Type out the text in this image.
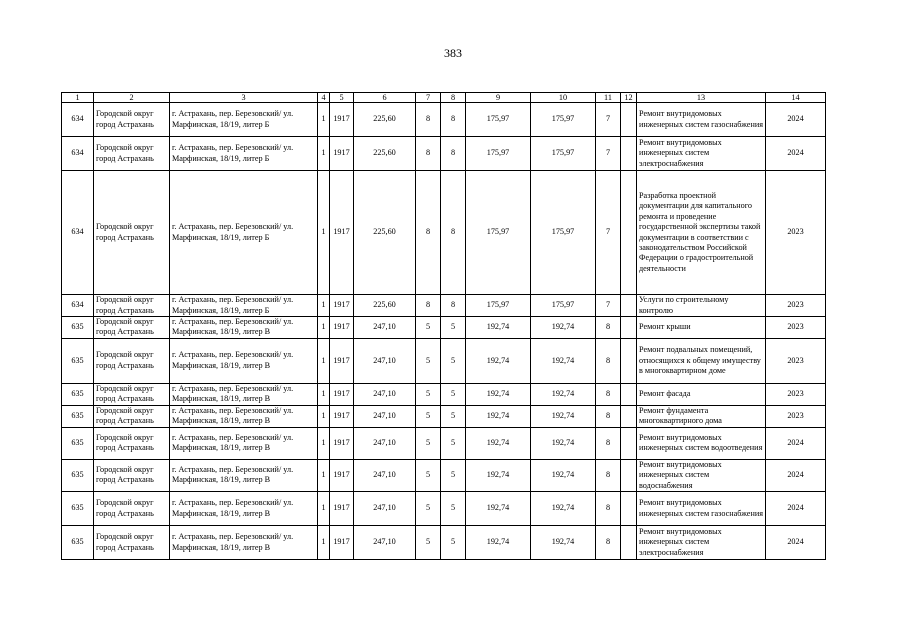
383
1	2	3	4	5	6	7	8	9	10	11	12	13	14
634	Городской округ город Астрахань	г. Астрахань, пер. Березовский/ ул. Марфинская, 18/19, литер Б	1	1917	225,60	8	8	175,97	175,97	7		Ремонт внутридомовых инженерных систем газоснабжения	2024
634	Городской округ город Астрахань	г. Астрахань, пер. Березовский/ ул. Марфинская, 18/19, литер Б	1	1917	225,60	8	8	175,97	175,97	7		Ремонт внутридомовых инженерных систем электроснабжения	2024
634	Городской округ город Астрахань	г. Астрахань, пер. Березовский/ ул. Марфинская, 18/19, литер Б	1	1917	225,60	8	8	175,97	175,97	7		Разработка проектной документации для капитального ремонта и проведение государственной экспертизы такой документации в соответствии с законодательством Российской Федерации о градостроительной деятельности	2023
634	Городской округ город Астрахань	г. Астрахань, пер. Березовский/ ул. Марфинская, 18/19, литер Б	1	1917	225,60	8	8	175,97	175,97	7		Услуги по строительному контролю	2023
635	Городской округ город Астрахань	г. Астрахань, пер. Березовский/ ул. Марфинская, 18/19, литер В	1	1917	247,10	5	5	192,74	192,74	8		Ремонт крыши	2023
635	Городской округ город Астрахань	г. Астрахань, пер. Березовский/ ул. Марфинская, 18/19, литер В	1	1917	247,10	5	5	192,74	192,74	8		Ремонт подвальных помещений, относящихся к общему имуществу в многоквартирном доме	2023
635	Городской округ город Астрахань	г. Астрахань, пер. Березовский/ ул. Марфинская, 18/19, литер В	1	1917	247,10	5	5	192,74	192,74	8		Ремонт фасада	2023
635	Городской округ город Астрахань	г. Астрахань, пер. Березовский/ ул. Марфинская, 18/19, литер В	1	1917	247,10	5	5	192,74	192,74	8		Ремонт фундамента многоквартирного дома	2023
635	Городской округ город Астрахань	г. Астрахань, пер. Березовский/ ул. Марфинская, 18/19, литер В	1	1917	247,10	5	5	192,74	192,74	8		Ремонт внутридомовых инженерных систем водоотведения	2024
635	Городской округ город Астрахань	г. Астрахань, пер. Березовский/ ул. Марфинская, 18/19, литер В	1	1917	247,10	5	5	192,74	192,74	8		Ремонт внутридомовых инженерных систем водоснабжения	2024
635	Городской округ город Астрахань	г. Астрахань, пер. Березовский/ ул. Марфинская, 18/19, литер В	1	1917	247,10	5	5	192,74	192,74	8		Ремонт внутридомовых инженерных систем газоснабжения	2024
635	Городской округ город Астрахань	г. Астрахань, пер. Березовский/ ул. Марфинская, 18/19, литер В	1	1917	247,10	5	5	192,74	192,74	8		Ремонт внутридомовых инженерных систем электроснабжения	2024
